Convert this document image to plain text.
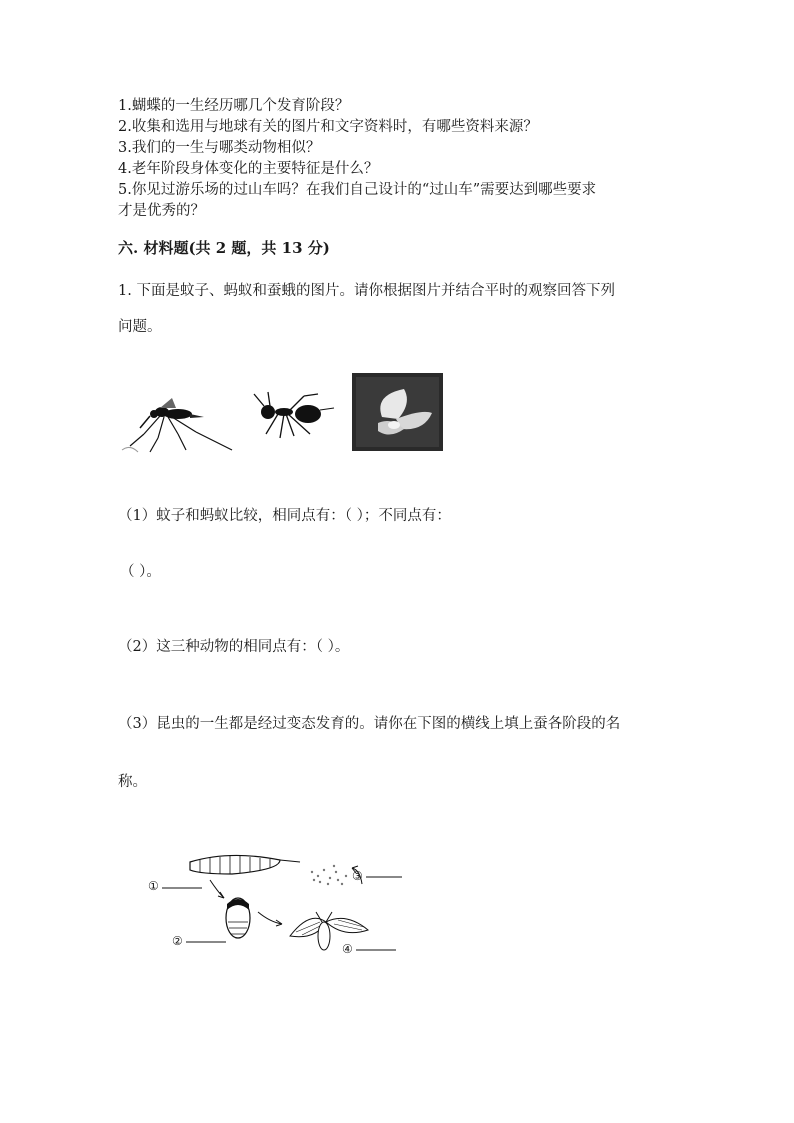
1.蝴蝶的一生经历哪几个发育阶段？
2.收集和选用与地球有关的图片和文字资料时，有哪些资料来源？
3.我们的一生与哪类动物相似？
4.老年阶段身体变化的主要特征是什么？
5.你见过游乐场的过山车吗？在我们自己设计的“过山车”需要达到哪些要求
才是优秀的？
六. 材料题(共 2 题，共 13 分)
1. 下面是蚊子、蚂蚁和蚕蛾的图片。请你根据图片并结合平时的观察回答下列
问题。
（1）蚊子和蚂蚁比较，相同点有：（ ）；不同点有：
（ ）。
（2）这三种动物的相同点有：（ ）。
（3）昆虫的一生都是经过变态发育的。请你在下图的横线上填上蚕各阶段的名
称。
①
②
③
④
